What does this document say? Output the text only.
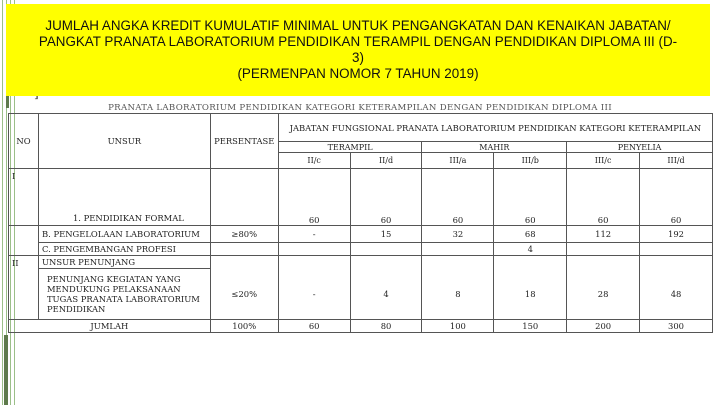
JUMLAH ANGKA KREDIT KUMULATIF MINIMAL UNTUK PENGANGKATAN DAN KENAIKAN JABATAN/
PANGKAT PRANATA LABORATORIUM PENDIDIKAN TERAMPIL DENGAN PENDIDIKAN DIPLOMA III (D-
3)
(PERMENPAN NOMOR 7 TAHUN 2019)
PRANATA LABORATORIUM PENDIDIKAN KATEGORI KETERAMPILAN DENGAN PENDIDIKAN DIPLOMA III
NO	UNSUR	PERSENTASE	JABATAN FUNGSIONAL PRANATA LABORATORIUM PENDIDIKAN KATEGORI KETERAMPILAN					
			TERAMPIL		MAHIR		PENYELIA	
			II/c	II/d	III/a	III/b	III/c	III/d
I	1. PENDIDIKAN FORMAL		60	60	60	60	60	60
	B. PENGELOLAAN LABORATORIUM	≥80%	-	15	32	68	112	192
	C. PENGEMBANGAN PROFESI					4		
II	UNSUR PENUNJANG							
	PENUNJANG KEGIATAN YANG MENDUKUNG PELAKSANAAN TUGAS PRANATA LABORATORIUM PENDIDIKAN	≤20%	-	4	8	18	28	48
JUMLAH		100%	60	80	100	150	200	300
